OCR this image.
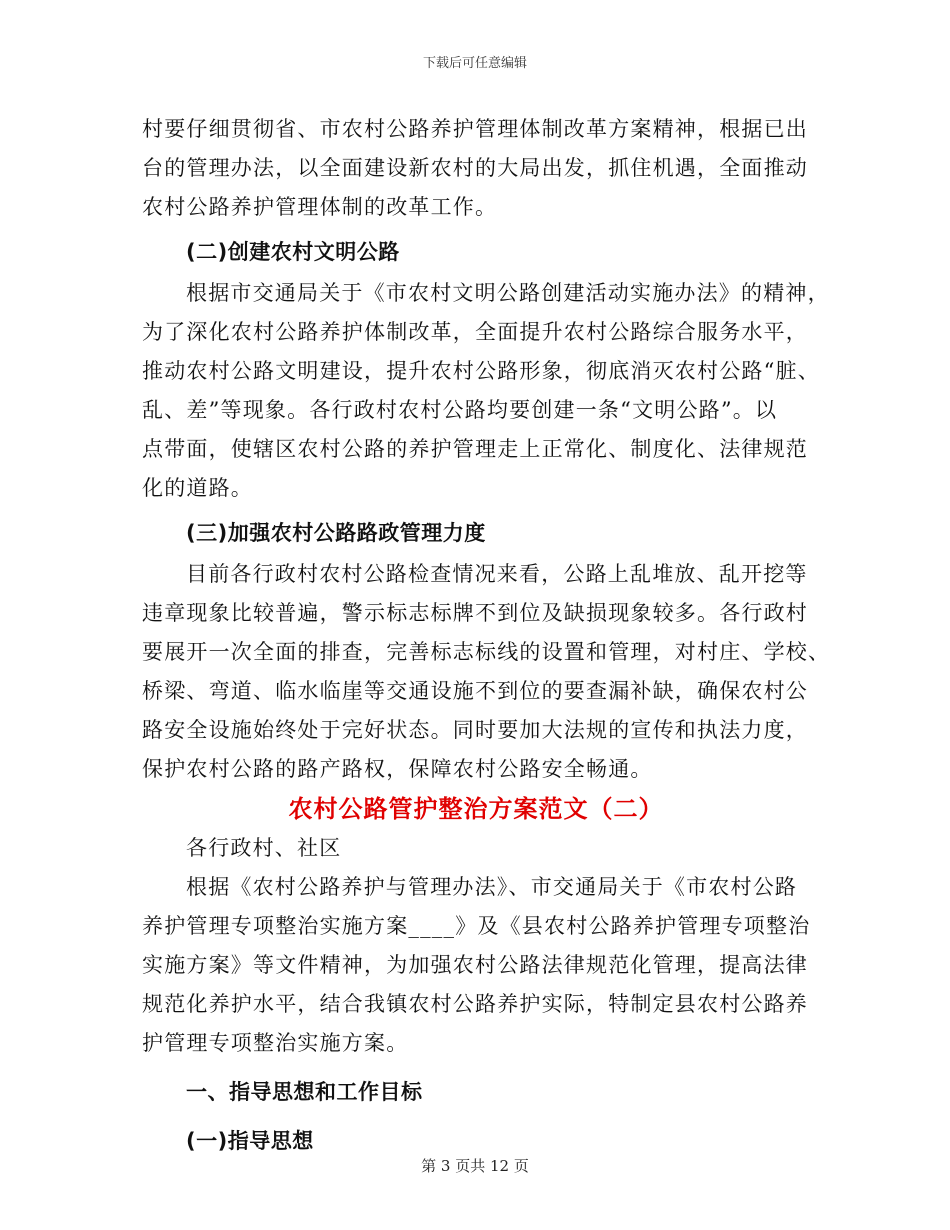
下载后可任意编辑
村要仔细贯彻省、市农村公路养护管理体制改革方案精神，根据已出
台的管理办法，以全面建设新农村的大局出发，抓住机遇，全面推动
农村公路养护管理体制的改革工作。
(二)创建农村文明公路
根据市交通局关于《市农村文明公路创建活动实施办法》的精神，
为了深化农村公路养护体制改革，全面提升农村公路综合服务水平，
推动农村公路文明建设，提升农村公路形象，彻底消灭农村公路“脏、
乱、差”等现象。各行政村农村公路均要创建一条“文明公路”。以
点带面，使辖区农村公路的养护管理走上正常化、制度化、法律规范
化的道路。
(三)加强农村公路路政管理力度
目前各行政村农村公路检查情况来看，公路上乱堆放、乱开挖等
违章现象比较普遍，警示标志标牌不到位及缺损现象较多。各行政村
要展开一次全面的排查，完善标志标线的设置和管理，对村庄、学校、
桥梁、弯道、临水临崖等交通设施不到位的要查漏补缺，确保农村公
路安全设施始终处于完好状态。同时要加大法规的宣传和执法力度，
保护农村公路的路产路权，保障农村公路安全畅通。
农村公路管护整治方案范文（二）
各行政村、社区
根据《农村公路养护与管理办法》、市交通局关于《市农村公路
养护管理专项整治实施方案____》及《县农村公路养护管理专项整治
实施方案》等文件精神，为加强农村公路法律规范化管理，提高法律
规范化养护水平，结合我镇农村公路养护实际，特制定县农村公路养
护管理专项整治实施方案。
一、指导思想和工作目标
(一)指导思想
第 3 页共 12 页
